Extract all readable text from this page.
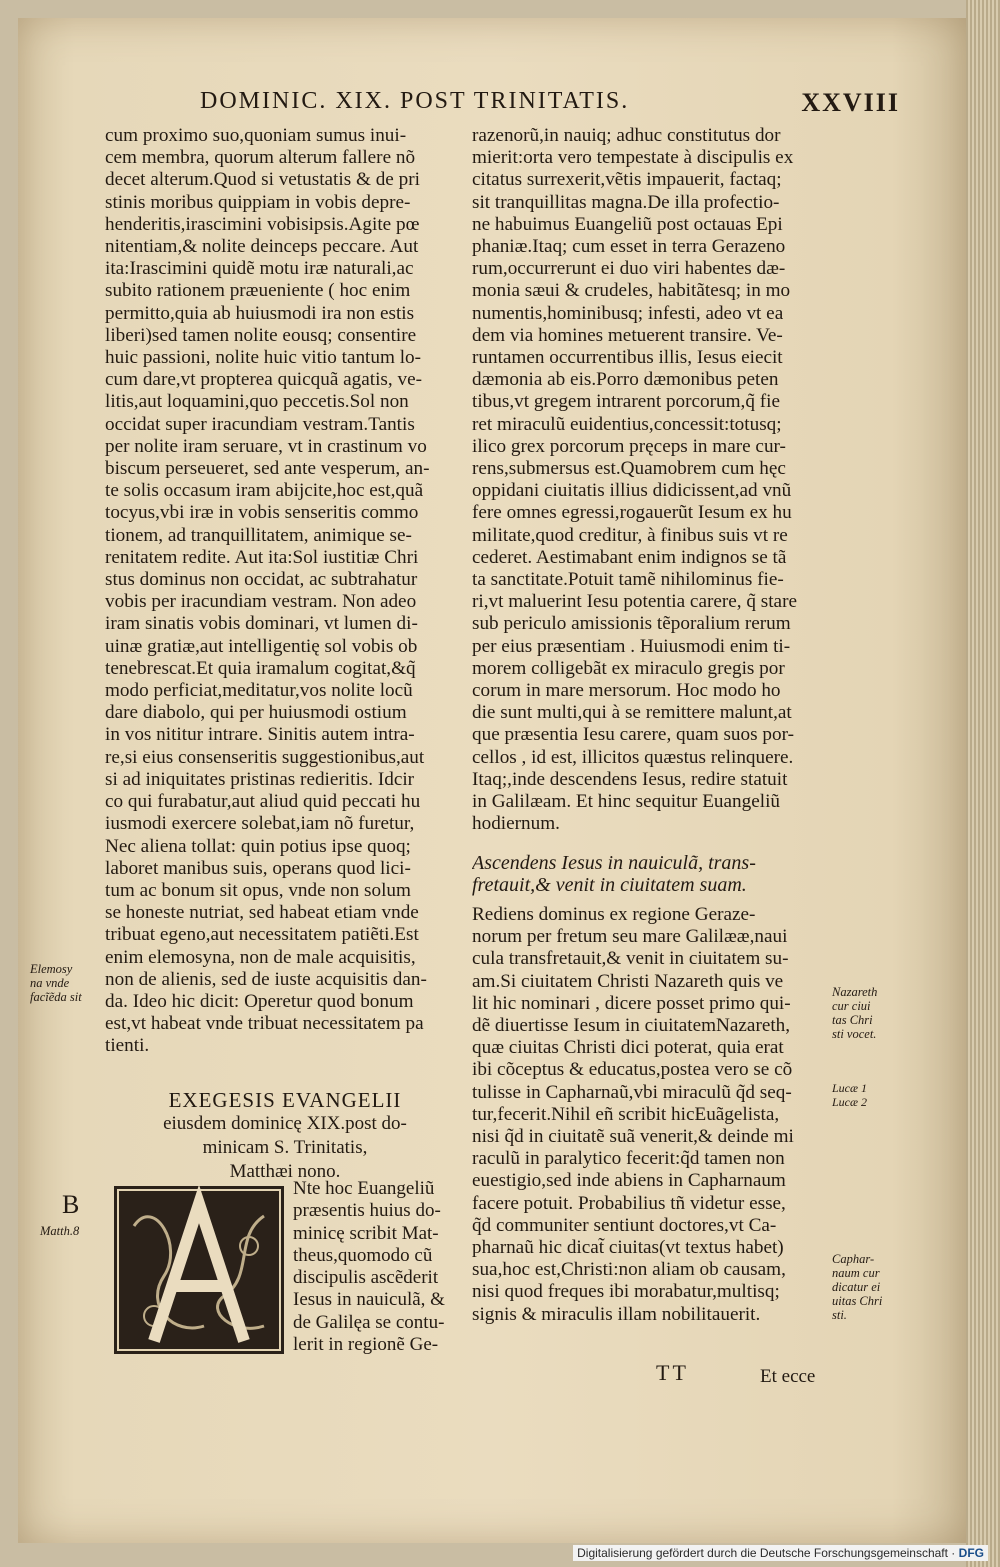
DOMINIC. XIX. POST TRINITATIS.	XXVIII
cum proximo suo,quoniam sumus inui-
cem membra, quorum alterum fallere nõ
decet alterum.Quod si vetustatis & de pri
stinis moribus quippiam in vobis depre-
henderitis,irascimini vobisipsis.Agite pœ
nitentiam,& nolite deinceps peccare. Aut
ita:Irascimini quidẽ motu iræ naturali,ac
subito rationem præueniente ( hoc enim
permitto,quia ab huiusmodi ira non estis
liberi)sed tamen nolite eousq; consentire
huic passioni, nolite huic vitio tantum lo-
cum dare,vt propterea quicquã agatis, ve-
litis,aut loquamini,quo peccetis.Sol non
occidat super iracundiam vestram.Tantis
per nolite iram seruare, vt in crastinum vo
biscum perseueret, sed ante vesperum, an-
te solis occasum iram abijcite,hoc est,quã
tocyus,vbi iræ in vobis senseritis commo
tionem, ad tranquillitatem, animique se-
renitatem redite. Aut ita:Sol iustitiæ Chri
stus dominus non occidat, ac subtrahatur
vobis per iracundiam vestram. Non adeo
iram sinatis vobis dominari, vt lumen di-
uinæ gratiæ,aut intelligentię sol vobis ob
tenebrescat.Et quia iramalum cogitat,&q̃
modo perficiat,meditatur,vos nolite locũ
dare diabolo, qui per huiusmodi ostium
in vos nititur intrare. Sinitis autem intra-
re,si eius consenseritis suggestionibus,aut
si ad iniquitates pristinas redieritis. Idcir
co qui furabatur,aut aliud quid peccati hu
iusmodi exercere solebat,iam nõ furetur,
Nec aliena tollat: quin potius ipse quoq;
laboret manibus suis, operans quod lici-
tum ac bonum sit opus, vnde non solum
se honeste nutriat, sed habeat etiam vnde
tribuat egeno,aut necessitatem patiẽti.Est
enim elemosyna, non de male acquisitis,
non de alienis, sed de iuste acquisitis dan-
da. Ideo hic dicit: Operetur quod bonum
est,vt habeat vnde tribuat necessitatem pa
tienti.
EXEGESIS EVANGELII
eiusdem dominicę XIX.post do-
minicam S. Trinitatis,
Matthæi nono.
Nte hoc Euangeliũ
præsentis huius do-
minicę scribit Mat-
theus,quomodo cũ
discipulis ascẽderit
Iesus in nauiculã, &
de Galilęa se contu-
lerit in regionẽ Ge-
razenorũ,in nauiq; adhuc constitutus dor
mierit:orta vero tempestate à discipulis ex
citatus surrexerit,vẽtis impauerit, factaq;
sit tranquillitas magna.De illa profectio-
ne habuimus Euangeliũ post octauas Epi
phaniæ.Itaq; cum esset in terra Gerazeno
rum,occurrerunt ei duo viri habentes dæ-
monia sæui & crudeles, habitãtesq; in mo
numentis,hominibusq; infesti, adeo vt ea
dem via homines metuerent transire. Ve-
runtamen occurrentibus illis, Iesus eiecit
dæmonia ab eis.Porro dæmonibus peten
tibus,vt gregem intrarent porcorum,q̃ fie
ret miraculũ euidentius,concessit:totusq;
ilico grex porcorum pręceps in mare cur-
rens,submersus est.Quamobrem cum hęc
oppidani ciuitatis illius didicissent,ad vnũ
fere omnes egressi,rogauerũt Iesum ex hu
militate,quod creditur, à finibus suis vt re
cederet. Aestimabant enim indignos se tã
ta sanctitate.Potuit tamẽ nihilominus fie-
ri,vt maluerint Iesu potentia carere, q̃ stare
sub periculo amissionis tẽporalium rerum
per eius præsentiam . Huiusmodi enim ti-
morem colligebãt ex miraculo gregis por
corum in mare mersorum. Hoc modo ho
die sunt multi,qui à se remittere malunt,at
que præsentia Iesu carere, quam suos por-
cellos , id est, illicitos quæstus relinquere.
Itaq;,inde descendens Iesus, redire statuit
in Galilæam. Et hinc sequitur Euangeliũ
hodiernum.
Ascendens Iesus in nauiculã, trans-
fretauit,& venit in ciuitatem suam.
Rediens dominus ex regione Geraze-
norum per fretum seu mare Galilææ,naui
cula transfretauit,& venit in ciuitatem su-
am.Si ciuitatem Christi Nazareth quis ve
lit hic nominari , dicere posset primo qui-
dẽ diuertisse Iesum in ciuitatemNazareth,
quæ ciuitas Christi dici poterat, quia erat
ibi cõceptus & educatus,postea vero se cõ
tulisse in Capharnaũ,vbi miraculũ q̃d seq-
tur,fecerit.Nihil eñ scribit hicEuãgelista,
nisi q̃d in ciuitatẽ suã venerit,& deinde mi
raculũ in paralytico fecerit:q̃d tamen non
euestigio,sed inde abiens in Capharnaum
facere potuit. Probabilius tñ videtur esse,
q̃d communiter sentiunt doctores,vt Ca-
pharnaũ hic dicat̃ ciuitas(vt textus habet)
sua,hoc est,Christi:non aliam ob causam,
nisi quod freques ibi morabatur,multisq;
signis & miraculis illam nobilitauerit.
Elemosy
na vnde
facĩẽda sit
B
Matth.8
Nazareth
cur ciui
tas Chri
sti vocet.
Lucæ 1
Lucæ 2
Caphar-
naum cur
dicatur ei
uitas Chri
sti.
TT	Et ecce
Digitalisierung gefördert durch die Deutsche Forschungsgemeinschaft · DFG
